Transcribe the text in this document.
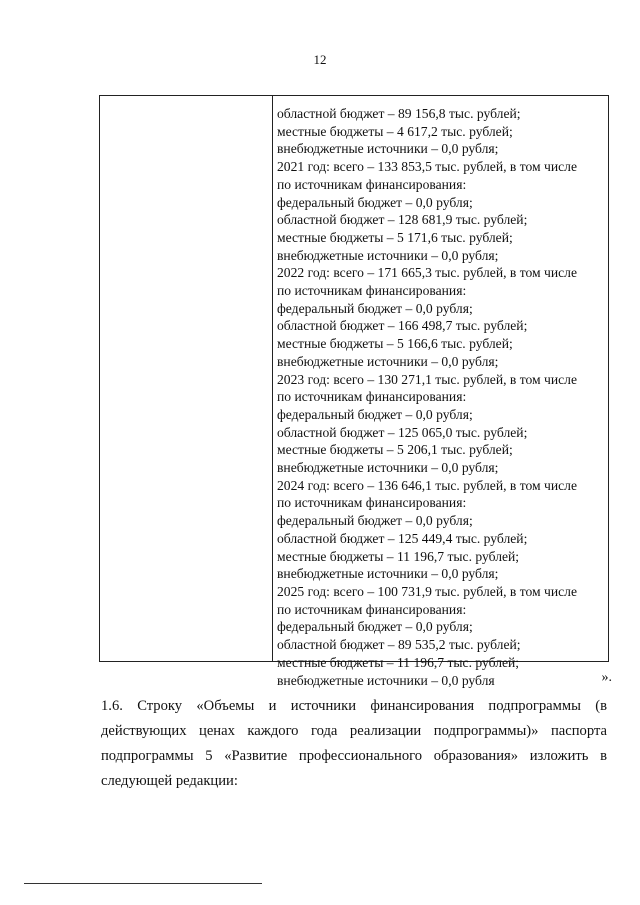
12
областной бюджет – 89 156,8 тыс. рублей;
местные бюджеты – 4 617,2 тыс. рублей;
внебюджетные источники – 0,0 рубля;
2021 год: всего – 133 853,5 тыс. рублей, в том числе
по источникам финансирования:
федеральный бюджет – 0,0 рубля;
областной бюджет – 128 681,9 тыс. рублей;
местные бюджеты – 5 171,6 тыс. рублей;
внебюджетные источники – 0,0 рубля;
2022 год: всего – 171 665,3 тыс. рублей, в том числе
по источникам финансирования:
федеральный бюджет – 0,0 рубля;
областной бюджет – 166 498,7 тыс. рублей;
местные бюджеты – 5 166,6 тыс. рублей;
внебюджетные источники – 0,0 рубля;
2023 год: всего – 130 271,1 тыс. рублей, в том числе
по источникам финансирования:
федеральный бюджет – 0,0 рубля;
областной бюджет – 125 065,0 тыс. рублей;
местные бюджеты – 5 206,1 тыс. рублей;
внебюджетные источники – 0,0 рубля;
2024 год: всего – 136 646,1 тыс. рублей, в том числе
по источникам финансирования:
федеральный бюджет – 0,0 рубля;
областной бюджет – 125 449,4 тыс. рублей;
местные бюджеты – 11 196,7 тыс. рублей;
внебюджетные источники – 0,0 рубля;
2025 год: всего – 100 731,9 тыс. рублей, в том числе
по источникам финансирования:
федеральный бюджет – 0,0 рубля;
областной бюджет – 89 535,2 тыс. рублей;
местные бюджеты – 11 196,7 тыс. рублей;
внебюджетные источники – 0,0 рубля	».
1.6. Строку «Объемы и источники финансирования подпрограммы (в действующих ценах каждого года реализации подпрограммы)» паспорта подпрограммы 5 «Развитие профессионального образования» изложить в следующей редакции:
